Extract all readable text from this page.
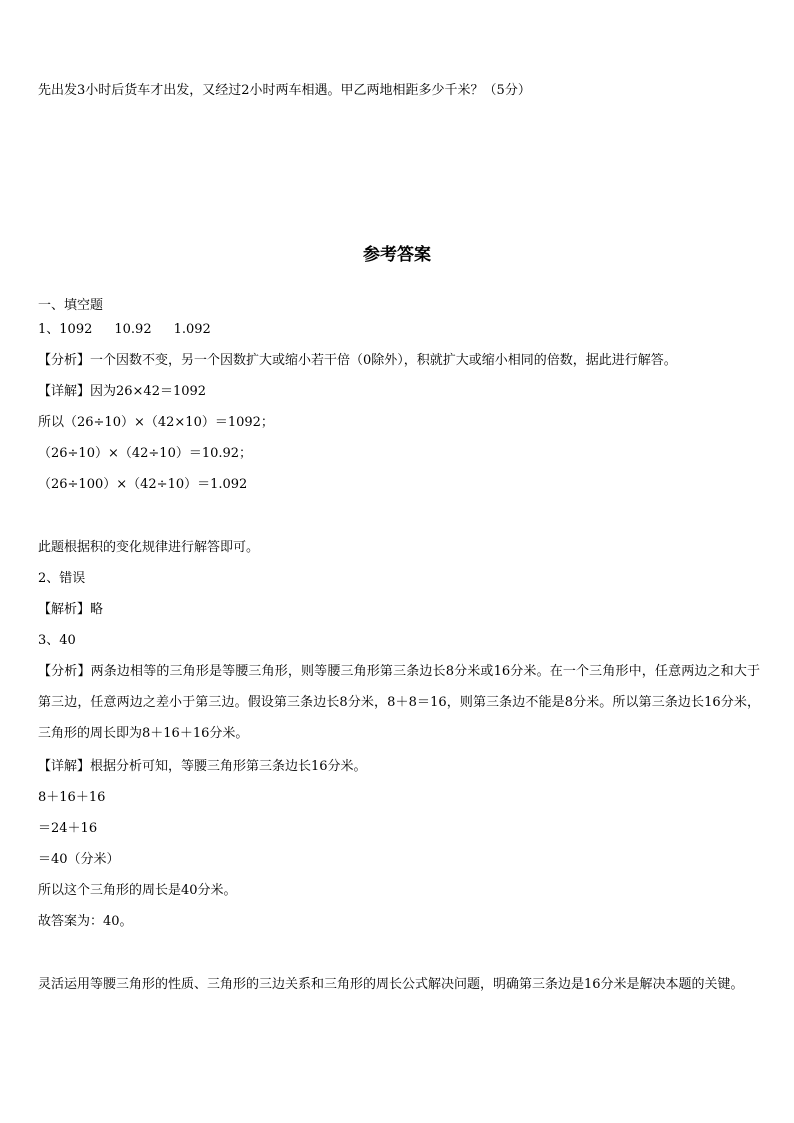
先出发3小时后货车才出发，又经过2小时两车相遇。甲乙两地相距多少千米？（5分）
参考答案
一、填空题
1、1092 10.92 1.092
【分析】一个因数不变，另一个因数扩大或缩小若干倍（0除外），积就扩大或缩小相同的倍数，据此进行解答。
【详解】因为26×42＝1092
所以（26÷10）×（42×10）＝1092；
（26÷10）×（42÷10）＝10.92；
（26÷100）×（42÷10）＝1.092
此题根据积的变化规律进行解答即可。
2、错误
【解析】略
3、40
【分析】两条边相等的三角形是等腰三角形，则等腰三角形第三条边长8分米或16分米。在一个三角形中，任意两边之和大于第三边，任意两边之差小于第三边。假设第三条边长8分米，8＋8＝16，则第三条边不能是8分米。所以第三条边长16分米，三角形的周长即为8＋16＋16分米。
【详解】根据分析可知，等腰三角形第三条边长16分米。
8＋16＋16
＝24＋16
＝40（分米）
所以这个三角形的周长是40分米。
故答案为：40。
灵活运用等腰三角形的性质、三角形的三边关系和三角形的周长公式解决问题，明确第三条边是16分米是解决本题的关键。
